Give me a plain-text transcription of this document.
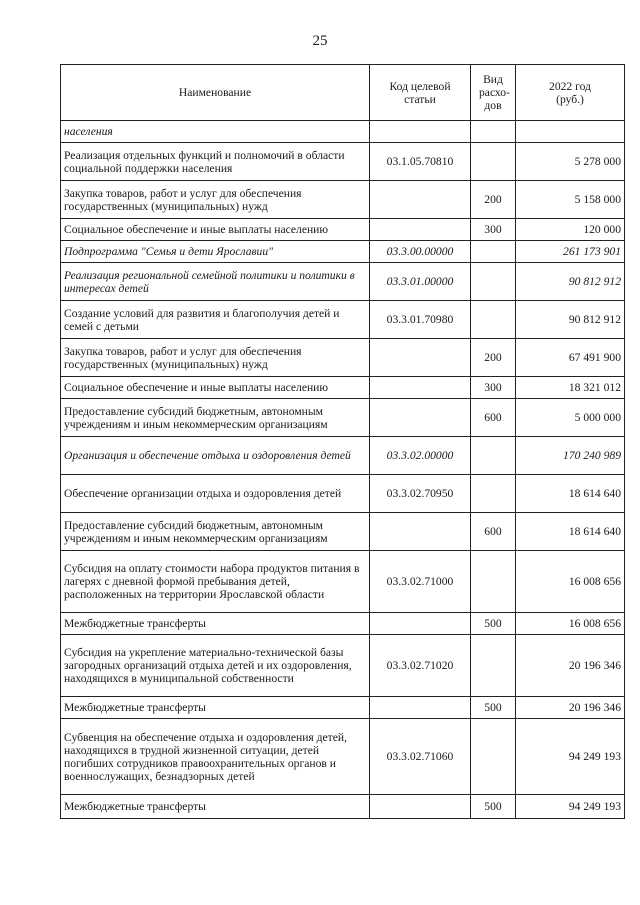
25
Наименование	Код целевой статьи	Вид расхо-дов	2022 год (руб.)
населения			
Реализация отдельных функций и полномочий в области социальной поддержки населения	03.1.05.70810		5 278 000
Закупка товаров, работ и услуг для обеспечения государственных (муниципальных) нужд		200	5 158 000
Социальное обеспечение и иные выплаты населению		300	120 000
Подпрограмма "Семья и дети Ярославии"	03.3.00.00000		261 173 901
Реализация региональной семейной политики и политики в интересах детей	03.3.01.00000		90 812 912
Создание условий для развития и благополучия детей и семей с детьми	03.3.01.70980		90 812 912
Закупка товаров, работ и услуг для обеспечения государственных (муниципальных) нужд		200	67 491 900
Социальное обеспечение и иные выплаты населению		300	18 321 012
Предоставление субсидий бюджетным, автономным учреждениям и иным некоммерческим организациям		600	5 000 000
Организация и обеспечение отдыха и оздоровления детей	03.3.02.00000		170 240 989
Обеспечение организации отдыха и оздоровления детей	03.3.02.70950		18 614 640
Предоставление субсидий бюджетным, автономным учреждениям и иным некоммерческим организациям		600	18 614 640
Субсидия на оплату стоимости набора продуктов питания в лагерях с дневной формой пребывания детей, расположенных на территории Ярославской области	03.3.02.71000		16 008 656
Межбюджетные трансферты		500	16 008 656
Субсидия на укрепление материально-технической базы загородных организаций отдыха детей и их оздоровления, находящихся в муниципальной собственности	03.3.02.71020		20 196 346
Межбюджетные трансферты		500	20 196 346
Субвенция на обеспечение отдыха и оздоровления детей, находящихся в трудной жизненной ситуации, детей погибших сотрудников правоохранительных органов и военнослужащих, безнадзорных детей	03.3.02.71060		94 249 193
Межбюджетные трансферты		500	94 249 193
